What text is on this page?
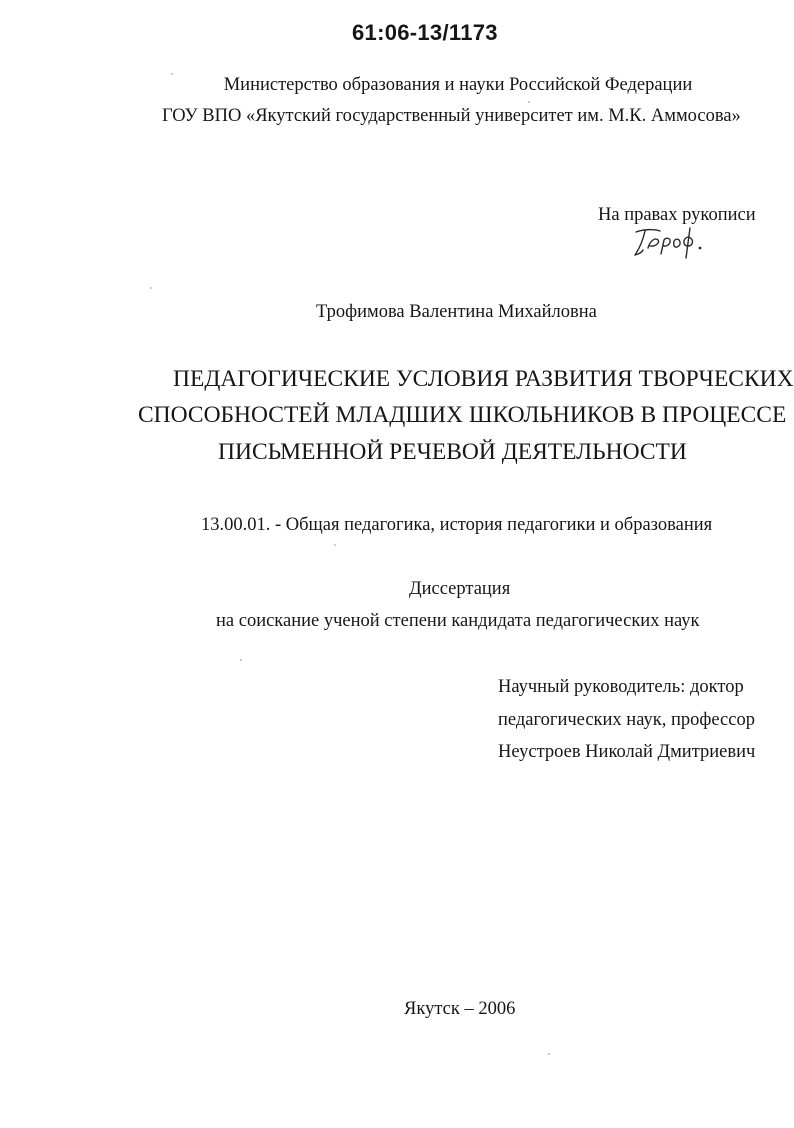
61:06-13/1173
Министерство образования и науки Российской Федерации
ГОУ ВПО «Якутский государственный университет им. М.К. Аммосова»
На правах рукописи
Трофимова Валентина Михайловна
ПЕДАГОГИЧЕСКИЕ УСЛОВИЯ РАЗВИТИЯ ТВОРЧЕСКИХ
СПОСОБНОСТЕЙ МЛАДШИХ ШКОЛЬНИКОВ В ПРОЦЕССЕ
ПИСЬМЕННОЙ РЕЧЕВОЙ ДЕЯТЕЛЬНОСТИ
13.00.01. - Общая педагогика, история педагогики и образования
Диссертация
на соискание ученой степени кандидата педагогических наук
Научный руководитель: доктор
педагогических наук, профессор
Неустроев Николай Дмитриевич
Якутск – 2006
